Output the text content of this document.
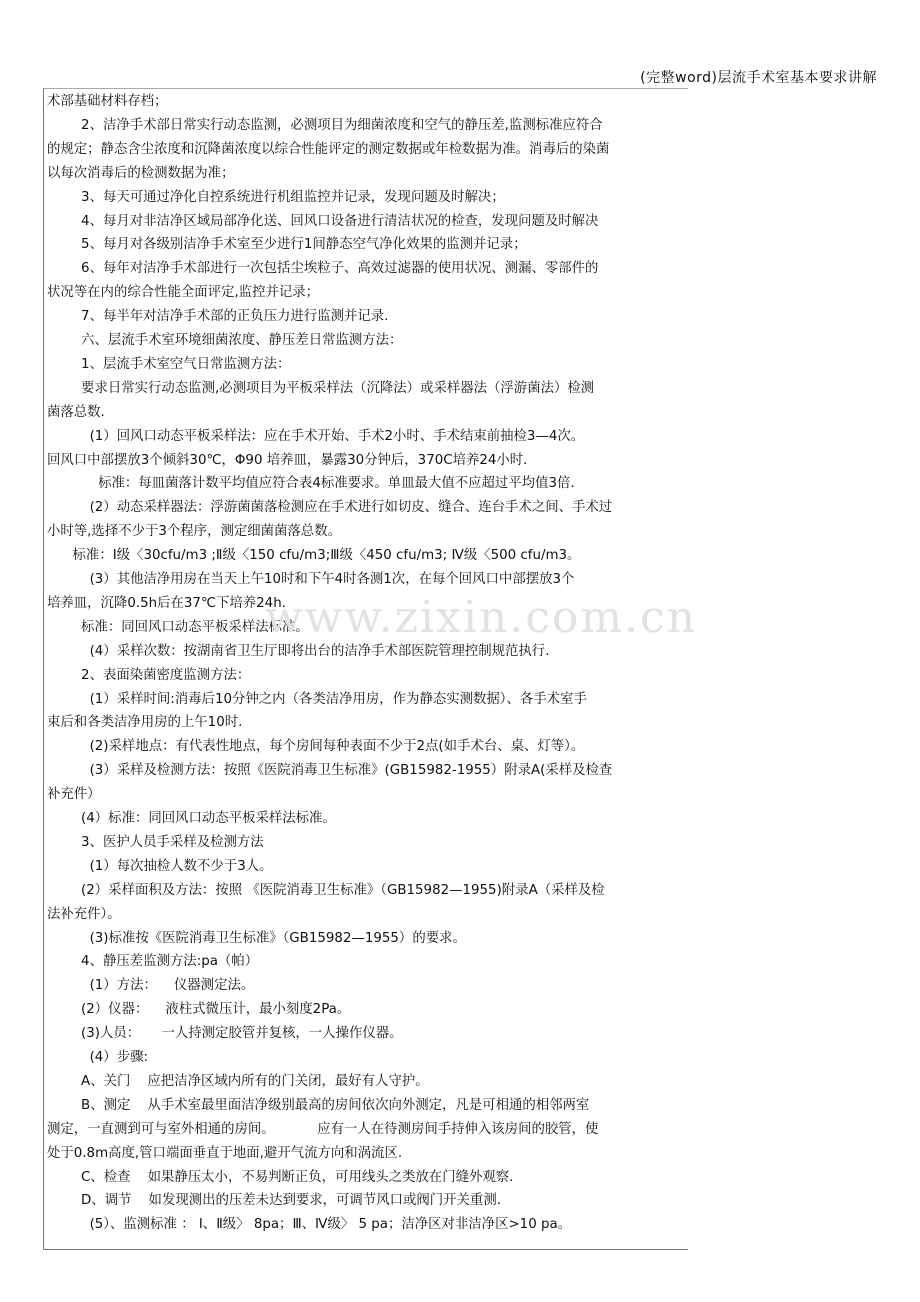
(完整word)层流手术室基本要求讲解
术部基础材料存档；
2、洁净手术部日常实行动态监测，必测项目为细菌浓度和空气的静压差,监测标准应符合
的规定；静态含尘浓度和沉降菌浓度以综合性能评定的测定数据或年检数据为准。消毒后的染菌
以每次消毒后的检测数据为准；
3、每天可通过净化自控系统进行机组监控并记录，发现问题及时解决；
4、每月对非洁净区域局部净化送、回风口设备进行清洁状况的检查，发现问题及时解决
5、每月对各级别洁净手术室至少进行1间静态空气净化效果的监测并记录；
6、每年对洁净手术部进行一次包括尘埃粒子、高效过滤器的使用状况、测漏、零部件的
状况等在内的综合性能全面评定,监控并记录；
7、每半年对洁净手术部的正负压力进行监测并记录.
六、层流手术室环境细菌浓度、静压差日常监测方法：
1、层流手术室空气日常监测方法：
要求日常实行动态监测,必测项目为平板采样法（沉降法）或采样器法（浮游菌法）检测
菌落总数.
(1）回风口动态平板采样法：应在手术开始、手术2小时、手术结束前抽检3—4次。
回风口中部摆放3个倾斜30℃，Φ90 培养皿，暴露30分钟后，370C培养24小时.
标准：每皿菌落计数平均值应符合表4标准要求。单皿最大值不应超过平均值3倍.
(2）动态采样器法：浮游菌菌落检测应在手术进行如切皮、缝合、连台手术之间、手术过
小时等,选择不少于3个程序，测定细菌菌落总数。
标准：Ⅰ级〈30cfu/m3 ;Ⅱ级〈150 cfu/m3;Ⅲ级〈450 cfu/m3; Ⅳ级〈500 cfu/m3。
(3）其他洁净用房在当天上午10时和下午4时各测1次，在每个回风口中部摆放3个
培养皿，沉降0.5h后在37℃下培养24h.
标准：同回风口动态平板采样法标准。
(4）采样次数：按湖南省卫生厅即将出台的洁净手术部医院管理控制规范执行.
2、表面染菌密度监测方法：
(1）采样时间:消毒后10分钟之内（各类洁净用房，作为静态实测数据）、各手术室手
束后和各类洁净用房的上午10时.
(2)采样地点：有代表性地点，每个房间每种表面不少于2点(如手术台、桌、灯等）。
(3）采样及检测方法：按照《医院消毒卫生标准》(GB15982-1955）附录A(采样及检查
补充件）
(4）标准：同回风口动态平板采样法标准。
3、医护人员手采样及检测方法
(1）每次抽检人数不少于3人。
(2）采样面积及方法：按照 《医院消毒卫生标准》（GB15982—1955)附录A（采样及检
法补充件）。
(3)标准按《医院消毒卫生标准》（GB15982—1955）的要求。
4、静压差监测方法:pa（帕）
(1）方法：    仪器测定法。
(2）仪器：    液柱式微压计，最小刻度2Pa。
(3)人员：     一人持测定胶管并复核，一人操作仪器。
(4）步骤:
A、关门    应把洁净区域内所有的门关闭，最好有人守护。
B、测定    从手术室最里面洁净级别最高的房间依次向外测定，凡是可相通的相邻两室
测定，一直测到可与室外相通的房间。          应有一人在待测房间手持伸入该房间的胶管，使
处于0.8m高度,管口端面垂直于地面,避开气流方向和涡流区.
C、检查    如果静压太小，不易判断正负，可用线头之类放在门缝外观察.
D、调节    如发现测出的压差未达到要求，可调节风口或阀门开关重测.
(5）、监测标准 ： Ⅰ、Ⅱ级〉 8pa；Ⅲ、Ⅳ级〉 5 pa；洁净区对非洁净区>10 pa。
www.zixin.com.cn
